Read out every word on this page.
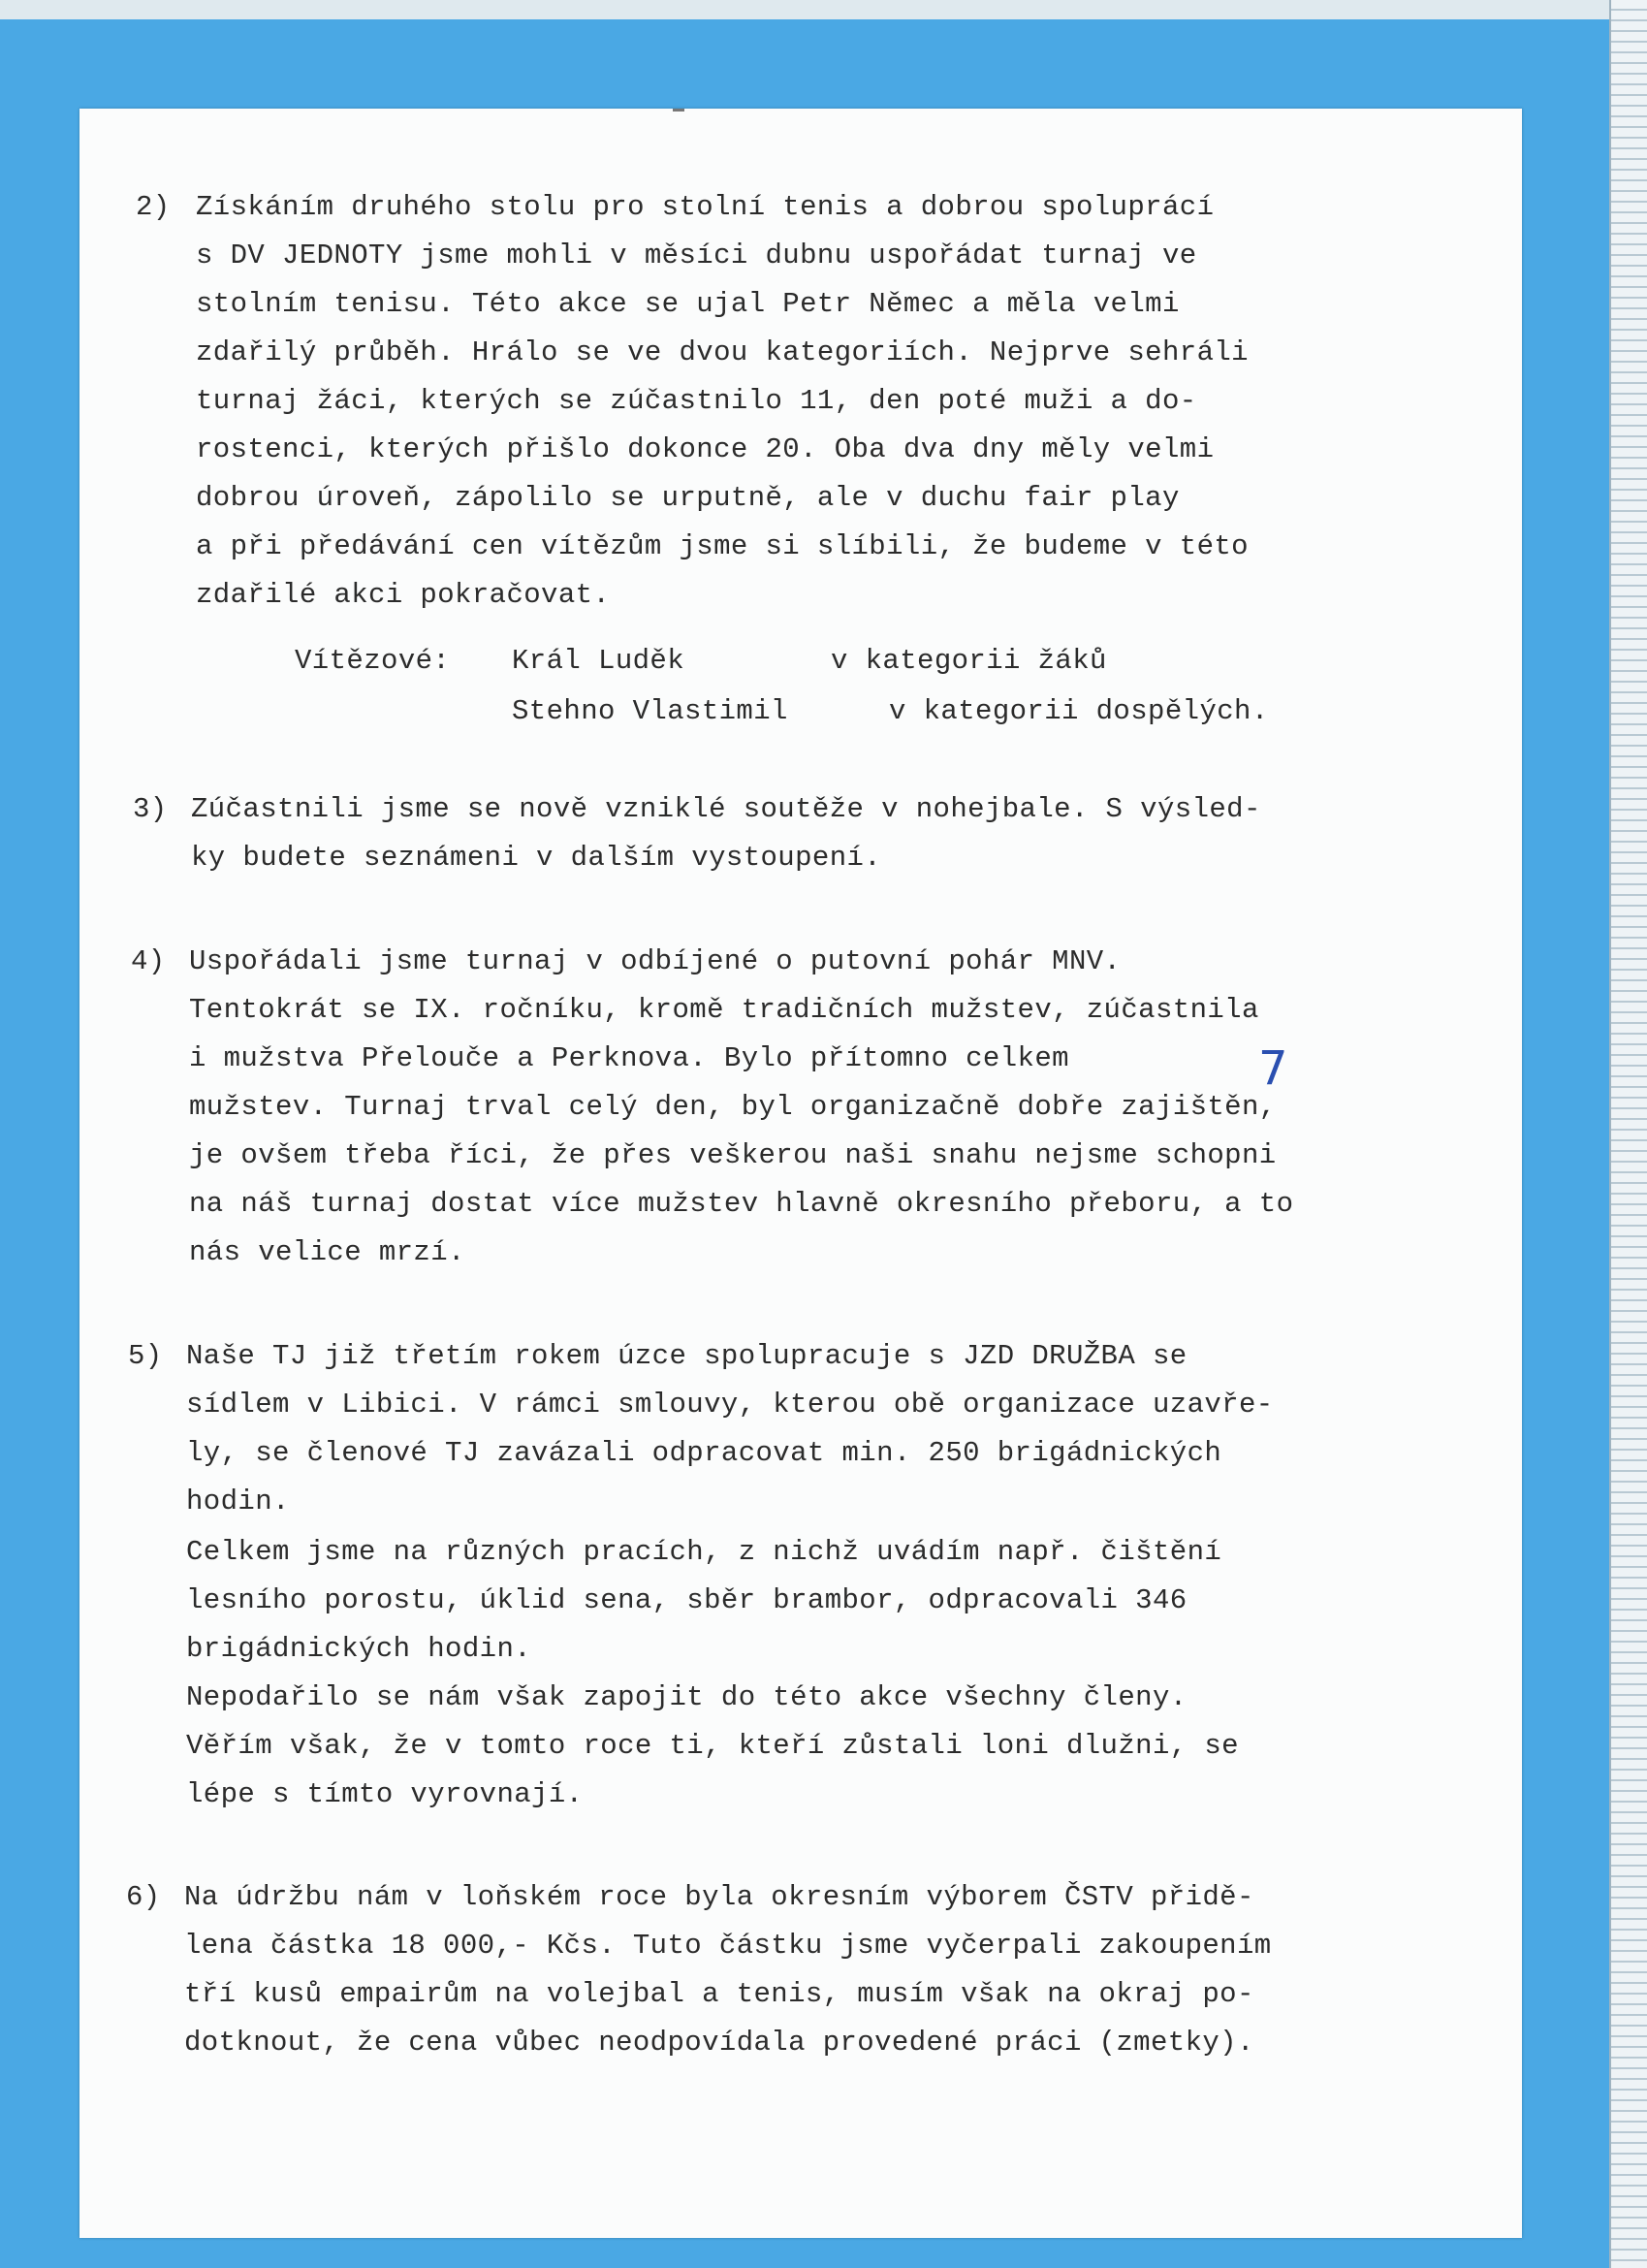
2) Získáním druhého stolu pro stolní tenis a dobrou spoluprácí
s DV JEDNOTY jsme mohli v měsíci dubnu uspořádat turnaj ve
stolním tenisu. Této akce se ujal Petr Němec a měla velmi
zdařilý průběh. Hrálo se ve dvou kategoriích. Nejprve sehráli
turnaj žáci, kterých se zúčastnilo 11, den poté muži a do-
rostenci, kterých přišlo dokonce 20. Oba dva dny měly velmi
dobrou úroveň, zápolilo se urputně, ale v duchu fair play
a při předávání cen vítězům jsme si slíbili, že budeme v této
zdařilé akci pokračovat.
Vítězové: Král Luděk	v kategorii žáků
Stehno Vlastimil	v kategorii dospělých.
3) Zúčastnili jsme se nově vzniklé soutěže v nohejbale. S výsled-
ky budete seznámeni v dalším vystoupení.
4) Uspořádali jsme turnaj v odbíjené o putovní pohár MNV.
Tentokrát se IX. ročníku, kromě tradičních mužstev, zúčastnila
i mužstva Přelouče a Perknova. Bylo přítomno celkem
mužstev. Turnaj trval celý den, byl organizačně dobře zajištěn,
je ovšem třeba říci, že přes veškerou naši snahu nejsme schopni
na náš turnaj dostat více mužstev hlavně okresního přeboru, a to
nás velice mrzí.
7
5) Naše TJ již třetím rokem úzce spolupracuje s JZD DRUŽBA se
sídlem v Libici. V rámci smlouvy, kterou obě organizace uzavře-
ly, se členové TJ zavázali odpracovat min. 250 brigádnických
hodin.
Celkem jsme na různých pracích, z nichž uvádím např. čištění
lesního porostu, úklid sena, sběr brambor, odpracovali 346
brigádnických hodin.
Nepodařilo se nám však zapojit do této akce všechny členy.
Věřím však, že v tomto roce ti, kteří zůstali loni dlužni, se
lépe s tímto vyrovnají.
6) Na údržbu nám v loňském roce byla okresním výborem ČSTV přidě-
lena částka 18 000,- Kčs. Tuto částku jsme vyčerpali zakoupením
tří kusů empairům na volejbal a tenis, musím však na okraj po-
dotknout, že cena vůbec neodpovídala provedené práci (zmetky).
